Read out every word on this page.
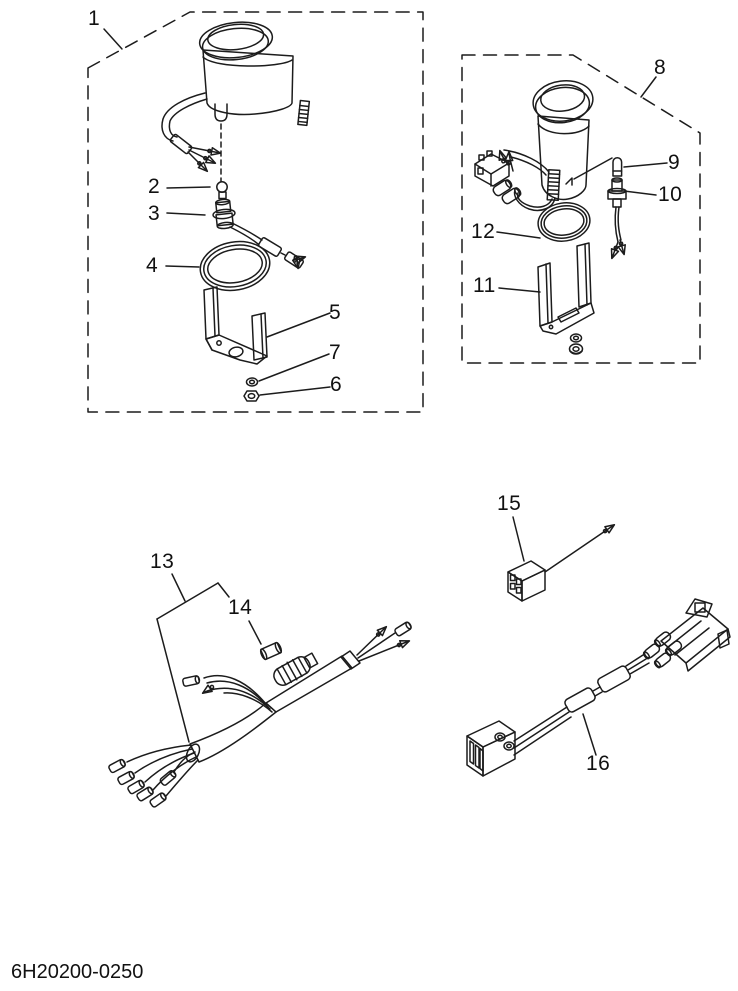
1
2
3
4
5
6
7
8
9
10
11
12
13
14
15
16
6H20200-0250
